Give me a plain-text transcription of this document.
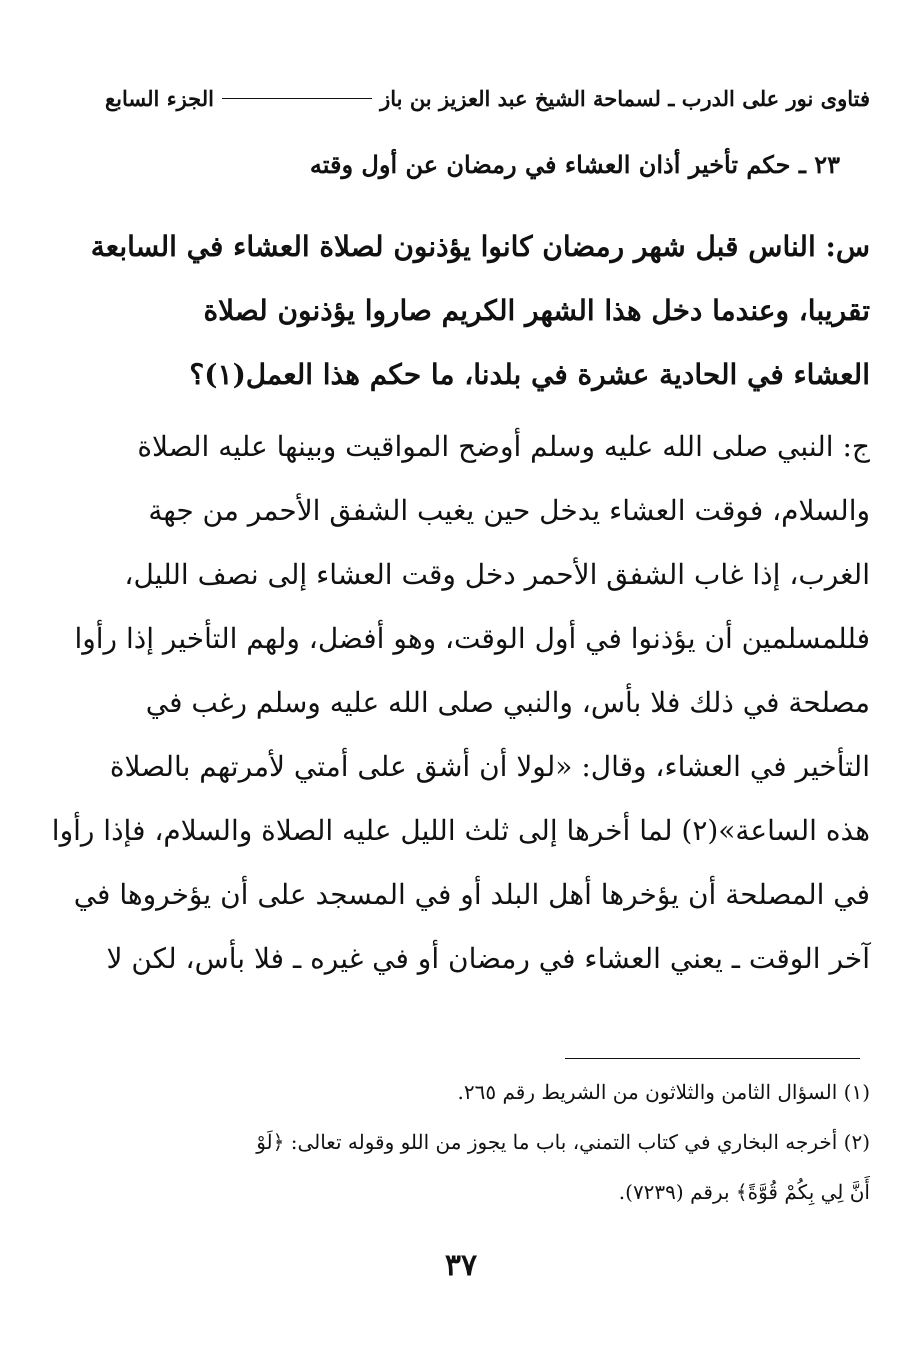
فتاوى نور على الدرب ـ لسماحة الشيخ عبد العزيز بن باز
الجزء السابع
٢٣ ـ حكم تأخير أذان العشاء في رمضان عن أول وقته
س: الناس قبل شهر رمضان كانوا يؤذنون لصلاة العشاء في السابعة
تقريبا، وعندما دخل هذا الشهر الكريم صاروا يؤذنون لصلاة
العشاء في الحادية عشرة في بلدنا، ما حكم هذا العمل(١)؟
ج: النبي صلى الله عليه وسلم أوضح المواقيت وبينها عليه الصلاة
والسلام، فوقت العشاء يدخل حين يغيب الشفق الأحمر من جهة
الغرب، إذا غاب الشفق الأحمر دخل وقت العشاء إلى نصف الليل،
فللمسلمين أن يؤذنوا في أول الوقت، وهو أفضل، ولهم التأخير إذا رأوا
مصلحة في ذلك فلا بأس، والنبي صلى الله عليه وسلم رغب في
التأخير في العشاء، وقال: «لولا أن أشق على أمتي لأمرتهم بالصلاة
هذه الساعة»(٢) لما أخرها إلى ثلث الليل عليه الصلاة والسلام، فإذا رأوا
في المصلحة أن يؤخرها أهل البلد أو في المسجد على أن يؤخروها في
آخر الوقت ـ يعني العشاء في رمضان أو في غيره ـ فلا بأس، لكن لا
(١) السؤال الثامن والثلاثون من الشريط رقم ٢٦٥.
(٢) أخرجه البخاري في كتاب التمني، باب ما يجوز من اللو وقوله تعالى: ﴿لَوْ
أَنَّ لِي بِكُمْ قُوَّةً﴾ برقم (٧٢٣٩).
٣٧
